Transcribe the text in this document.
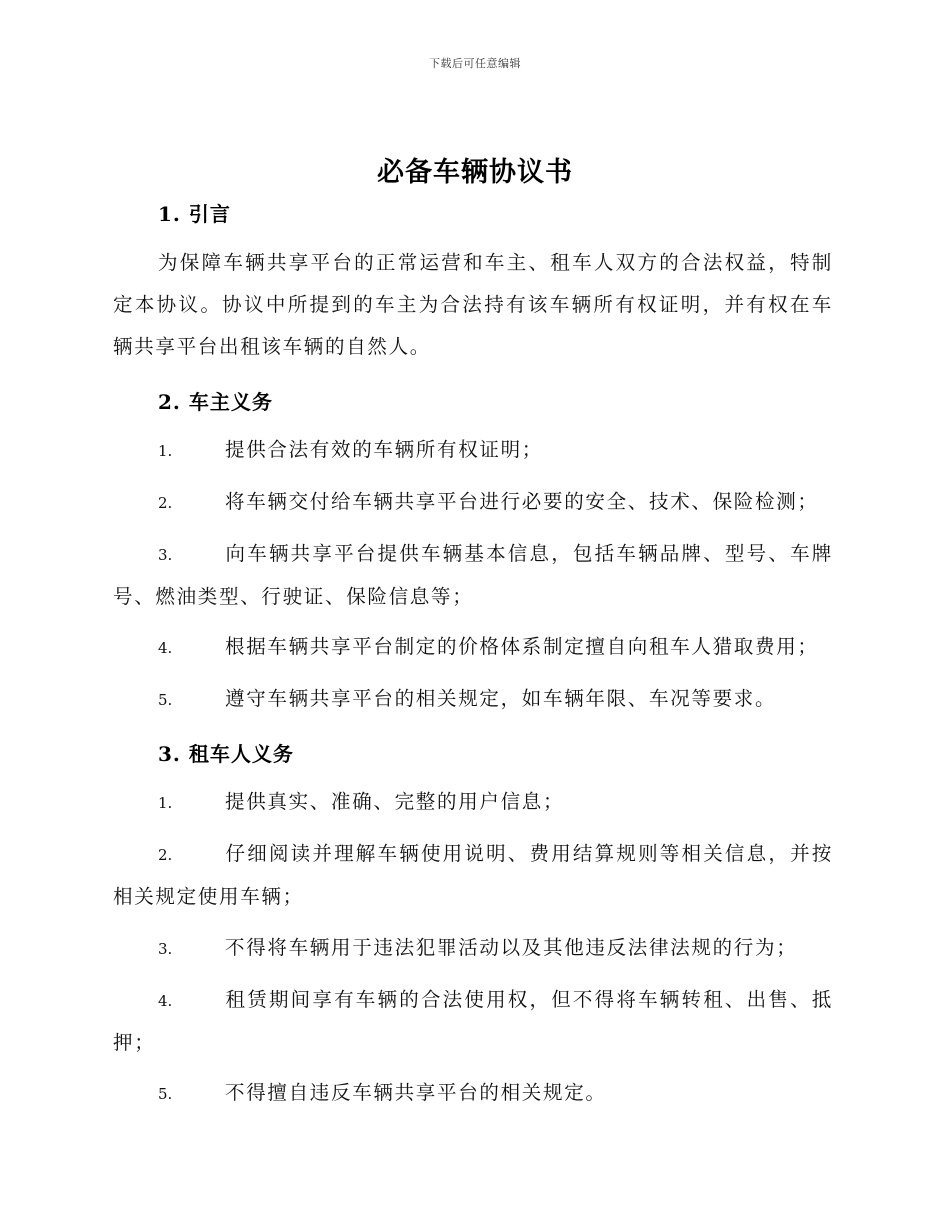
下载后可任意编辑
必备车辆协议书
1. 引言
为保障车辆共享平台的正常运营和车主、租车人双方的合法权益，特制定本协议。协议中所提到的车主为合法持有该车辆所有权证明，并有权在车辆共享平台出租该车辆的自然人。
2. 车主义务
1.	提供合法有效的车辆所有权证明；
2.	将车辆交付给车辆共享平台进行必要的安全、技术、保险检测；
3.	向车辆共享平台提供车辆基本信息，包括车辆品牌、型号、车牌号、燃油类型、行驶证、保险信息等；
4.	根据车辆共享平台制定的价格体系制定擅自向租车人猎取费用；
5.	遵守车辆共享平台的相关规定，如车辆年限、车况等要求。
3. 租车人义务
1.	提供真实、准确、完整的用户信息；
2.	仔细阅读并理解车辆使用说明、费用结算规则等相关信息，并按相关规定使用车辆；
3.	不得将车辆用于违法犯罪活动以及其他违反法律法规的行为；
4.	租赁期间享有车辆的合法使用权，但不得将车辆转租、出售、抵押；
5.	不得擅自违反车辆共享平台的相关规定。
